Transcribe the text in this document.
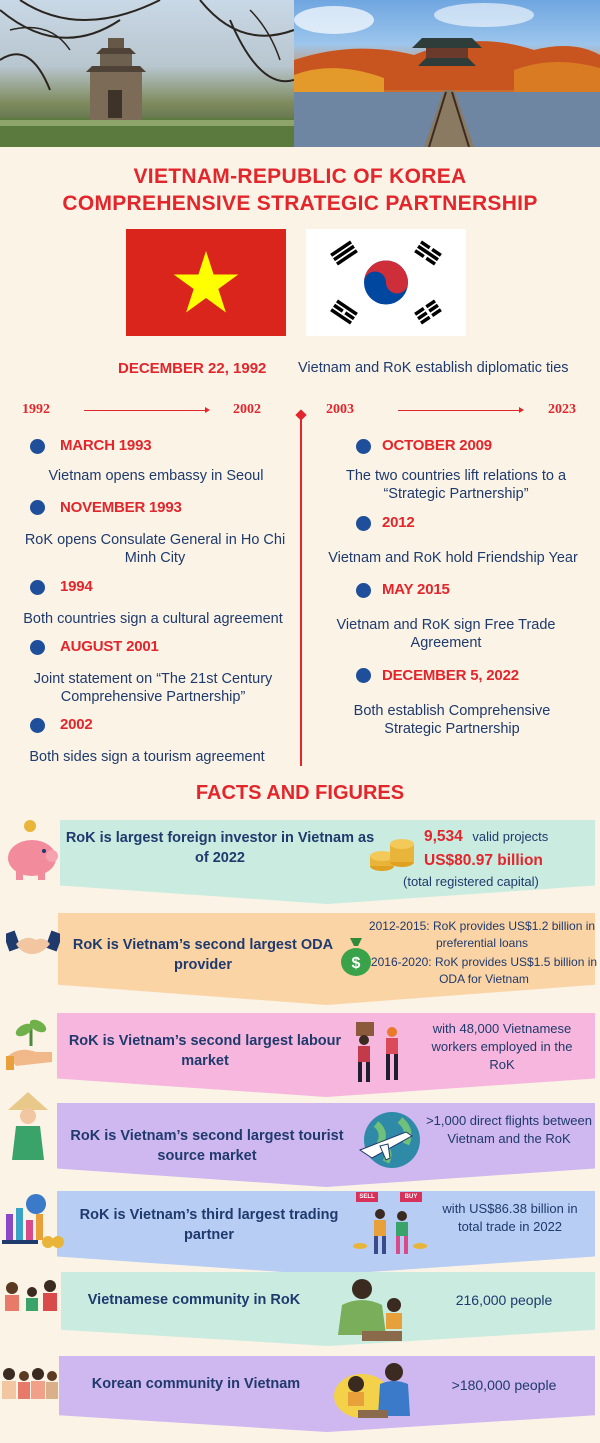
VIETNAM-REPUBLIC OF KOREA
COMPREHENSIVE STRATEGIC PARTNERSHIP
DECEMBER 22, 1992 Vietnam and RoK establish diplomatic ties
1992	2002	2003	2023
MARCH 1993
Vietnam opens embassy in Seoul
NOVEMBER 1993
RoK opens Consulate General in Ho Chi Minh City
1994
Both countries sign a cultural agreement
AUGUST 2001
Joint statement on “The 21st Century Comprehensive Partnership”
2002
Both sides sign a tourism agreement
OCTOBER 2009
The two countries lift relations to a “Strategic Partnership”
2012
Vietnam and RoK hold Friendship Year
MAY 2015
Vietnam and RoK sign Free Trade Agreement
DECEMBER 5, 2022
Both establish Comprehensive Strategic Partnership
FACTS AND FIGURES
RoK is largest foreign investor in Vietnam as of 2022
9,534 valid projects
US$80.97 billion
(total registered capital)
RoK is Vietnam’s second largest ODA provider	$
2012-2015: RoK provides US$1.2 billion in preferential loans
2016-2020: RoK provides US$1.5 billion in ODA for Vietnam
RoK is Vietnam’s second largest labour market
with 48,000 Vietnamese workers employed in the RoK
RoK is Vietnam’s second largest tourist source market
>1,000 direct flights between Vietnam and the RoK
RoK is Vietnam’s third largest trading partner
SELL	BUY
with US$86.38 billion in total trade in 2022
Vietnamese community in RoK	216,000 people
Korean community in Vietnam	>180,000 people
